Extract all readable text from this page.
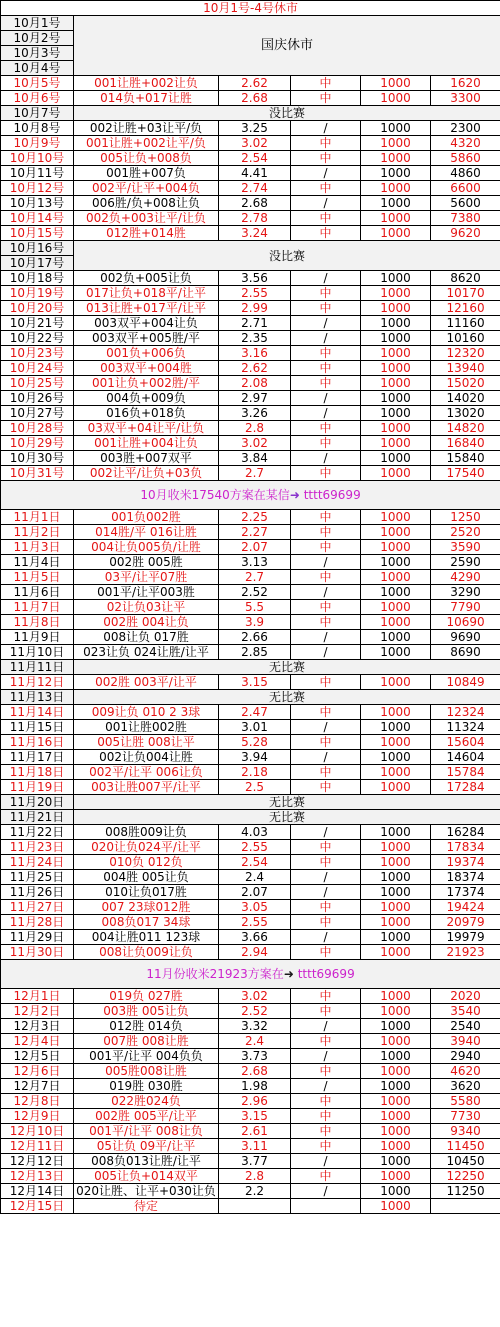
10月1号-4号休市					
10月1号	国庆休市				
10月2号					
10月3号					
10月4号					
10月5号	001让胜+002让负	2.62	中	1000	1620
10月6号	014负+017让胜	2.68	中	1000	3300
10月7号	没比赛				
10月8号	002让胜+03让平/负	3.25	/	1000	2300
10月9号	001让胜+002让平/负	3.02	中	1000	4320
10月10号	005让负+008负	2.54	中	1000	5860
10月11号	001胜+007负	4.41	/	1000	4860
10月12号	002平/让平+004负	2.74	中	1000	6600
10月13号	006胜/负+008让负	2.68	/	1000	5600
10月14号	002负+003让平/让负	2.78	中	1000	7380
10月15号	012胜+014胜	3.24	中	1000	9620
10月16号	没比赛				
10月17号					
10月18号	002负+005让负	3.56	/	1000	8620
10月19号	017让负+018平/让平	2.55	中	1000	10170
10月20号	013让胜+017平/让平	2.99	中	1000	12160
10月21号	003双平+004让负	2.71	/	1000	11160
10月22号	003双平+005胜/平	2.35	/	1000	10160
10月23号	001负+006负	3.16	中	1000	12320
10月24号	003双平+004胜	2.62	中	1000	13940
10月25号	001让负+002胜/平	2.08	中	1000	15020
10月26号	004负+009负	2.97	/	1000	14020
10月27号	016负+018负	3.26	/	1000	13020
10月28号	03双平+04让平/让负	2.8	中	1000	14820
10月29号	001让胜+004让负	3.02	中	1000	16840
10月30号	003胜+007双平	3.84	/	1000	15840
10月31号	002让平/让负+03负	2.7	中	1000	17540
10月收米17540方案在某信➜ tttt69699					
11月1日	001负002胜	2.25	中	1000	1250
11月2日	014胜/平 016让胜	2.27	中	1000	2520
11月3日	004让负005负/让胜	2.07	中	1000	3590
11月4日	002胜 005胜	3.13	/	1000	2590
11月5日	03平/让平07胜	2.7	中	1000	4290
11月6日	001平/让平003胜	2.52	/	1000	3290
11月7日	02让负03让平	5.5	中	1000	7790
11月8日	002胜 004让负	3.9	中	1000	10690
11月9日	008让负 017胜	2.66	/	1000	9690
11月10日	023让负 024让胜/让平	2.85	/	1000	8690
11月11日	无比赛				
11月12日	002胜 003平/让平	3.15	中	1000	10849
11月13日	无比赛				
11月14日	009让负 010 2 3球	2.47	中	1000	12324
11月15日	001让胜002胜	3.01	/	1000	11324
11月16日	005让胜 008让平	5.28	中	1000	15604
11月17日	002让负004让胜	3.94	/	1000	14604
11月18日	002平/让平 006让负	2.18	中	1000	15784
11月19日	003让胜007平/让平	2.5	中	1000	17284
11月20日	无比赛				
11月21日	无比赛				
11月22日	008胜009让负	4.03	/	1000	16284
11月23日	020让负024平/让平	2.55	中	1000	17834
11月24日	010负 012负	2.54	中	1000	19374
11月25日	004胜 005让负	2.4	/	1000	18374
11月26日	010让负017胜	2.07	/	1000	17374
11月27日	007 23球012胜	3.05	中	1000	19424
11月28日	008负017 34球	2.55	中	1000	20979
11月29日	004让胜011 123球	3.66	/	1000	19979
11月30日	008让负009让负	2.94	中	1000	21923
11月份收米21923方案在➜ tttt69699					
12月1日	019负 027胜	3.02	中	1000	2020
12月2日	003胜 005让负	2.52	中	1000	3540
12月3日	012胜 014负	3.32	/	1000	2540
12月4日	007胜 008让胜	2.4	中	1000	3940
12月5日	001平/让平 004负负	3.73	/	1000	2940
12月6日	005胜008让胜	2.68	中	1000	4620
12月7日	019胜 030胜	1.98	/	1000	3620
12月8日	022胜024负	2.96	中	1000	5580
12月9日	002胜 005平/让平	3.15	中	1000	7730
12月10日	001平/让平 008让负	2.61	中	1000	9340
12月11日	05让负 09平/让平	3.11	中	1000	11450
12月12日	008负013让胜/让平	3.77	/	1000	10450
12月13日	005让负+014双平	2.8	中	1000	12250
12月14日	020让胜、让平+030让负	2.2	/	1000	11250
12月15日	待定			1000	
